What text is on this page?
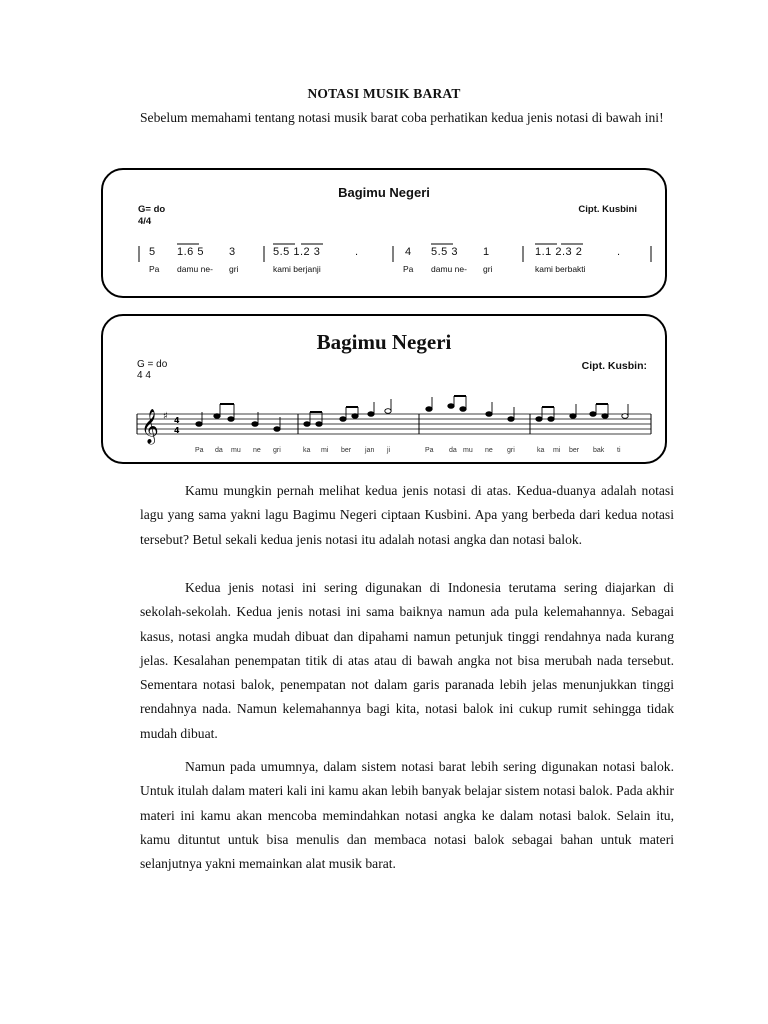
NOTASI MUSIK BARAT

Sebelum memahami tentang notasi musik barat coba perhatikan kedua jenis notasi di bawah ini!

Bagimu Negeri
G= do
4/4
Cipt. Kusbini
5 1.6 5 3	5.5 1.2 3	.	4 5.5 3 1	1.1 2.3 2	.
Pa damu ne- gri	kami berjanji	Pa damu ne- gri	kami berbakti
Bagimu Negeri
G = do
4 4
Cipt. Kusbin:
𝄞 ♯ 4
4
Pa da mu ne gri	ka mi ber jan ji	Pa da mu ne gri	ka mi ber bak ti

Kamu mungkin pernah melihat kedua jenis notasi di atas. Kedua-duanya adalah notasi lagu yang sama yakni lagu Bagimu Negeri ciptaan Kusbini. Apa yang berbeda dari kedua notasi tersebut? Betul sekali kedua jenis notasi itu adalah notasi angka dan notasi balok.

Kedua jenis notasi ini sering digunakan di Indonesia terutama sering diajarkan di sekolah-sekolah. Kedua jenis notasi ini sama baiknya namun ada pula kelemahannya. Sebagai kasus, notasi angka mudah dibuat dan dipahami namun petunjuk tinggi rendahnya nada kurang jelas. Kesalahan penempatan titik di atas atau di bawah angka not bisa merubah nada tersebut. Sementara notasi balok, penempatan not dalam garis paranada lebih jelas menunjukkan tinggi rendahnya nada. Namun kelemahannya bagi kita, notasi balok ini cukup rumit sehingga tidak mudah dibuat.

Namun pada umumnya, dalam sistem notasi barat lebih sering digunakan notasi balok. Untuk itulah dalam materi kali ini kamu akan lebih banyak belajar sistem notasi balok. Pada akhir materi ini kamu akan mencoba memindahkan notasi angka ke dalam notasi balok. Selain itu, kamu dituntut untuk bisa menulis dan membaca notasi balok sebagai bahan untuk materi selanjutnya yakni memainkan alat musik barat.
